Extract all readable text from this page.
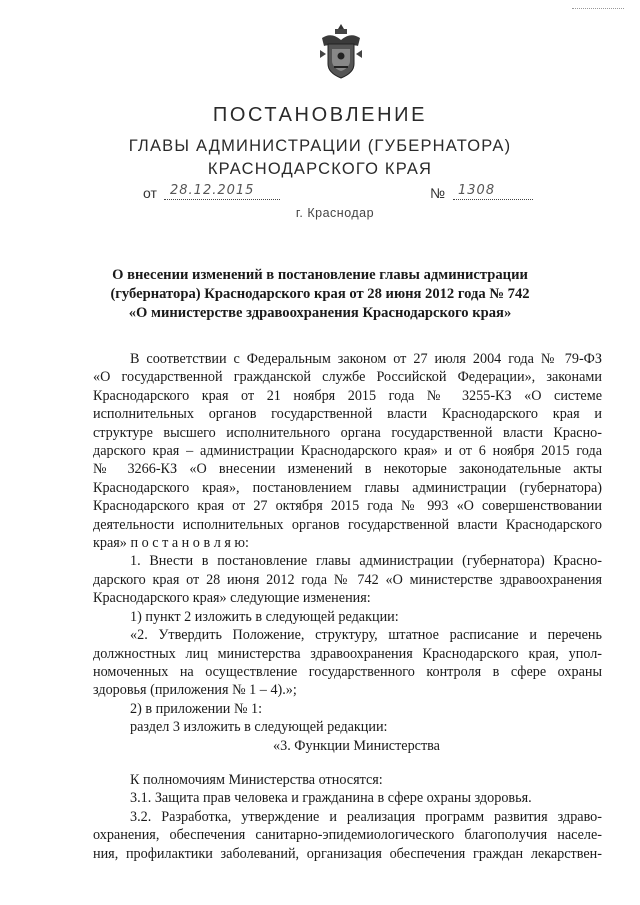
ПОСТАНОВЛЕНИЕ
ГЛАВЫ АДМИНИСТРАЦИИ (ГУБЕРНАТОРА)
КРАСНОДАРСКОГО КРАЯ
от 28.12.2015	№ 1308
г. Краснодар
О внесении изменений в постановление главы администрации
(губернатора) Краснодарского края от 28 июня 2012 года № 742
«О министерстве здравоохранения Краснодарского края»

В соответствии с Федеральным законом от 27 июля 2004 года № 79-ФЗ

«О государственной гражданской службе Российской Федерации», законами

Краснодарского края от 21 ноября 2015 года № 3255-КЗ «О системе

исполнительных органов государственной власти Краснодарского края и

структуре высшего исполнительного органа государственной власти Красно-

дарского края – администрации Краснодарского края» и от 6 ноября 2015 года

№ 3266-КЗ «О внесении изменений в некоторые законодательные акты

Краснодарского края», постановлением главы администрации (губернатора)

Краснодарского края от 27 октября 2015 года № 993 «О совершенствовании

деятельности исполнительных органов государственной власти Краснодарского

края» п о с т а н о в л я ю:

1. Внести в постановление главы администрации (губернатора) Красно-

дарского края от 28 июня 2012 года № 742 «О министерстве здравоохранения

Краснодарского края» следующие изменения:

1) пункт 2 изложить в следующей редакции:

«2. Утвердить Положение, структуру, штатное расписание и перечень

должностных лиц министерства здравоохранения Краснодарского края, упол-

номоченных на осуществление государственного контроля в сфере охраны

здоровья (приложения № 1 – 4).»;

2) в приложении № 1:

раздел 3 изложить в следующей редакции:

«3. Функции Министерства

К полномочиям Министерства относятся:

3.1. Защита прав человека и гражданина в сфере охраны здоровья.

3.2. Разработка, утверждение и реализация программ развития здраво-

охранения, обеспечения санитарно-эпидемиологического благополучия населе-

ния, профилактики заболеваний, организация обеспечения граждан лекарствен-
